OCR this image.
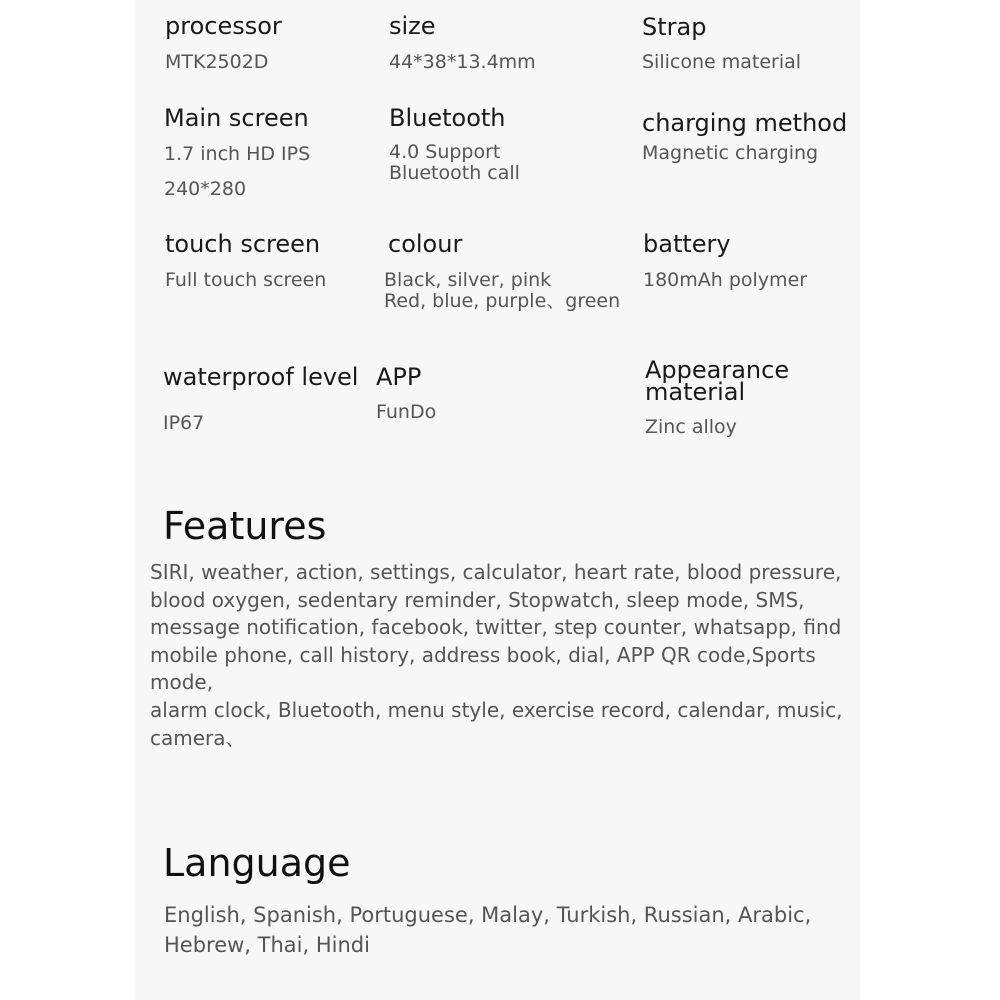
processor
MTK2502D
size
44*38*13.4mm
Strap
Silicone material
Main screen
1.7 inch HD IPS
240*280
Bluetooth
4.0 Support
Bluetooth call
charging method
Magnetic charging
touch screen
Full touch screen
colour
Black, silver, pink
Red, blue, purple、green
battery
180mAh polymer
waterproof level
IP67
APP
FunDo
Appearance
material
Zinc alloy
Features
SIRI, weather, action, settings, calculator, heart rate, blood pressure,
blood oxygen, sedentary reminder, Stopwatch, sleep mode, SMS,
message notification, facebook, twitter, step counter, whatsapp, find
mobile phone, call history, address book, dial, APP QR code,Sports mode,
alarm clock, Bluetooth, menu style, exercise record, calendar, music,
camera、
Language
English, Spanish, Portuguese, Malay, Turkish, Russian, Arabic,
Hebrew, Thai, Hindi
